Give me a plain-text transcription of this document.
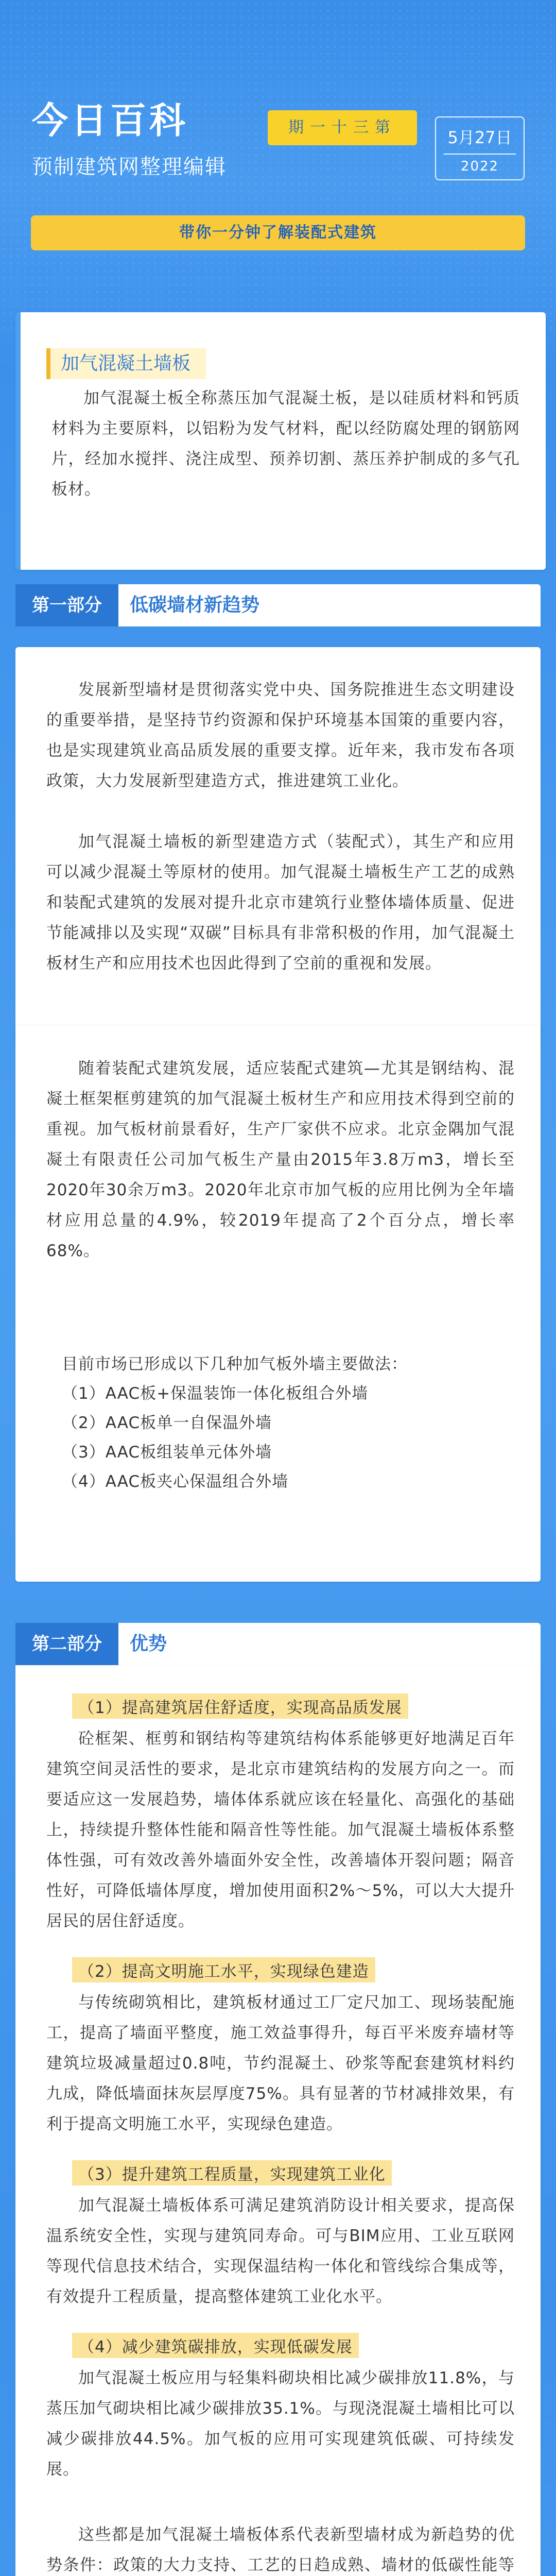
今日百科
预制建筑网整理编辑
期一十三第
5月27日
2022
带你一分钟了解装配式建筑
加气混凝土墙板

加气混凝土板全称蒸压加气混凝土板，是以硅质材料和钙质材料为主要原料，以铝粉为发气材料，配以经防腐处理的钢筋网片，经加水搅拌、浇注成型、预养切割、蒸压养护制成的多气孔板材。

第一部分	低碳墙材新趋势

发展新型墙材是贯彻落实党中央、国务院推进生态文明建设的重要举措，是坚持节约资源和保护环境基本国策的重要内容，也是实现建筑业高品质发展的重要支撑。近年来，我市发布各项政策，大力发展新型建造方式，推进建筑工业化。

加气混凝土墙板的新型建造方式（装配式），其生产和应用可以减少混凝土等原材的使用。加气混凝土墙板生产工艺的成熟和装配式建筑的发展对提升北京市建筑行业整体墙体质量、促进节能减排以及实现“双碳”目标具有非常积极的作用，加气混凝土板材生产和应用技术也因此得到了空前的重视和发展。

随着装配式建筑发展，适应装配式建筑—尤其是钢结构、混凝土框架框剪建筑的加气混凝土板材生产和应用技术得到空前的重视。加气板材前景看好，生产厂家供不应求。北京金隅加气混凝土有限责任公司加气板生产量由2015年3.8万m3，增长至2020年30余万m3。2020年北京市加气板的应用比例为全年墙材应用总量的4.9%，较2019年提高了2个百分点，增长率68%。

目前市场已形成以下几种加气板外墙主要做法：

（1）AAC板+保温装饰一体化板组合外墙

（2）AAC板单一自保温外墙

（3）AAC板组装单元体外墙

（4）AAC板夹心保温组合外墙

第二部分	优势
（1）提高建筑居住舒适度，实现高品质发展

砼框架、框剪和钢结构等建筑结构体系能够更好地满足百年建筑空间灵活性的要求，是北京市建筑结构的发展方向之一。而要适应这一发展趋势，墙体体系就应该在轻量化、高强化的基础上，持续提升整体性能和隔音性等性能。加气混凝土墙板体系整体性强，可有效改善外墙面外安全性，改善墙体开裂问题；隔音性好，可降低墙体厚度，增加使用面积2%～5%，可以大大提升居民的居住舒适度。

（2）提高文明施工水平，实现绿色建造

与传统砌筑相比，建筑板材通过工厂定尺加工、现场装配施工，提高了墙面平整度，施工效益事得升，每百平米废弃墙材等建筑垃圾减量超过0.8吨，节约混凝土、砂浆等配套建筑材料约九成，降低墙面抹灰层厚度75%。具有显著的节材减排效果，有利于提高文明施工水平，实现绿色建造。

（3）提升建筑工程质量，实现建筑工业化

加气混凝土墙板体系可满足建筑消防设计相关要求，提高保温系统安全性，实现与建筑同寿命。可与BIM应用、工业互联网等现代信息技术结合，实现保温结构一体化和管线综合集成等，有效提升工程质量，提高整体建筑工业化水平。

（4）减少建筑碳排放，实现低碳发展

加气混凝土板应用与轻集料砌块相比减少碳排放11.8%，与蒸压加气砌块相比减少碳排放35.1%。与现浇混凝土墙相比可以减少碳排放44.5%。加气板的应用可实现建筑低碳、可持续发展。

这些都是加气混凝土墙板体系代表新型墙材成为新趋势的优势条件：政策的大力支持、工艺的日趋成熟、墙材的低碳性能等
